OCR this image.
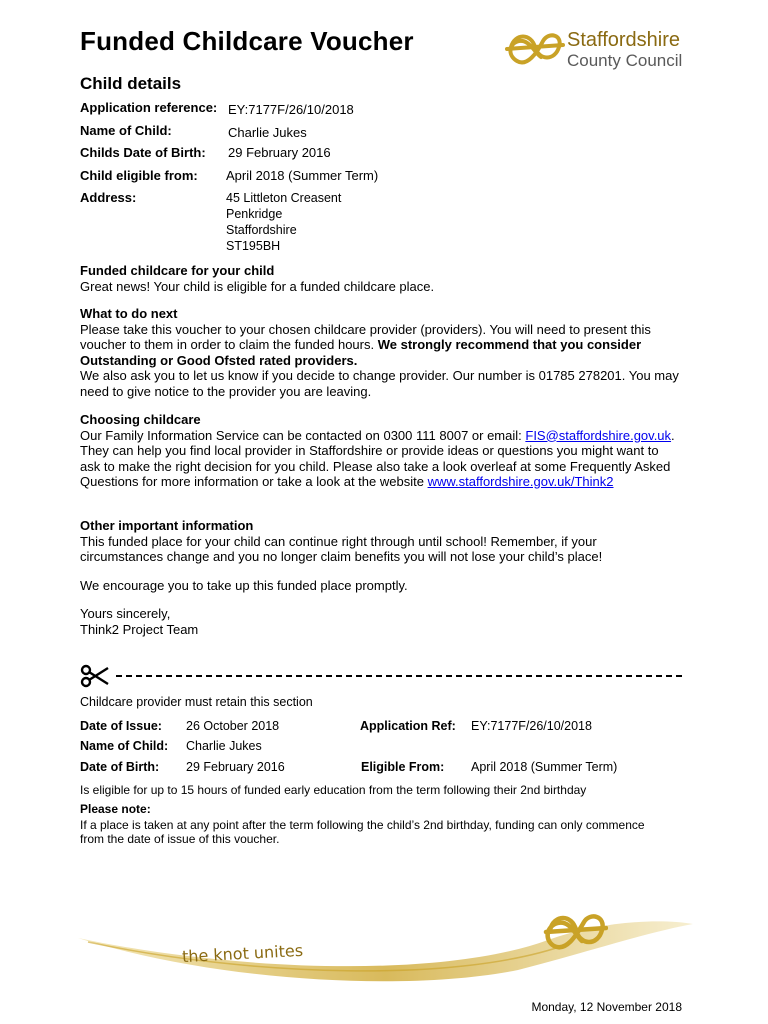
Funded Childcare Voucher	Staffordshire
County Council
Child details
Application reference: EY:7177F/26/10/2018
Name of Child:	Charlie Jukes
Childs Date of Birth: 29 February 2016
Child eligible from: April 2018 (Summer Term)
Address:	45 Littleton Creasent
Penkridge
Staffordshire
ST195BH
Funded childcare for your child

Great news! Your child is eligible for a funded childcare place.

What to do next

Please take this voucher to your chosen childcare provider (providers). You will need to present this voucher to them in order to claim the funded hours. We strongly recommend that you consider Outstanding or Good Ofsted rated providers.

We also ask you to let us know if you decide to change provider. Our number is 01785 278201. You may need to give notice to the provider you are leaving.

Choosing childcare

Our Family Information Service can be contacted on 0300 111 8007 or email: FIS@staffordshire.gov.uk. They can help you find local provider in Staffordshire or provide ideas or questions you might want to ask to make the right decision for you child. Please also take a look overleaf at some Frequently Asked Questions for more information or take a look at the website www.staffordshire.gov.uk/Think2

Other important information

This funded place for your child can continue right through until school! Remember, if your circumstances change and you no longer claim benefits you will not lose your child’s place!

We encourage you to take up this funded place promptly.
Yours sincerely,
Think2 Project Team
Childcare provider must retain this section
Date of Issue: 26 October 2018	Application Ref: EY:7177F/26/10/2018
Name of Child: Charlie Jukes
Date of Birth: 29 February 2016	Eligible From: April 2018 (Summer Term)
Is eligible for up to 15 hours of funded early education from the term following their 2nd birthday
Please note:
If a place is taken at any point after the term following the child’s 2nd birthday, funding can only commence from the date of issue of this voucher.
the knot unites
Monday, 12 November 2018
